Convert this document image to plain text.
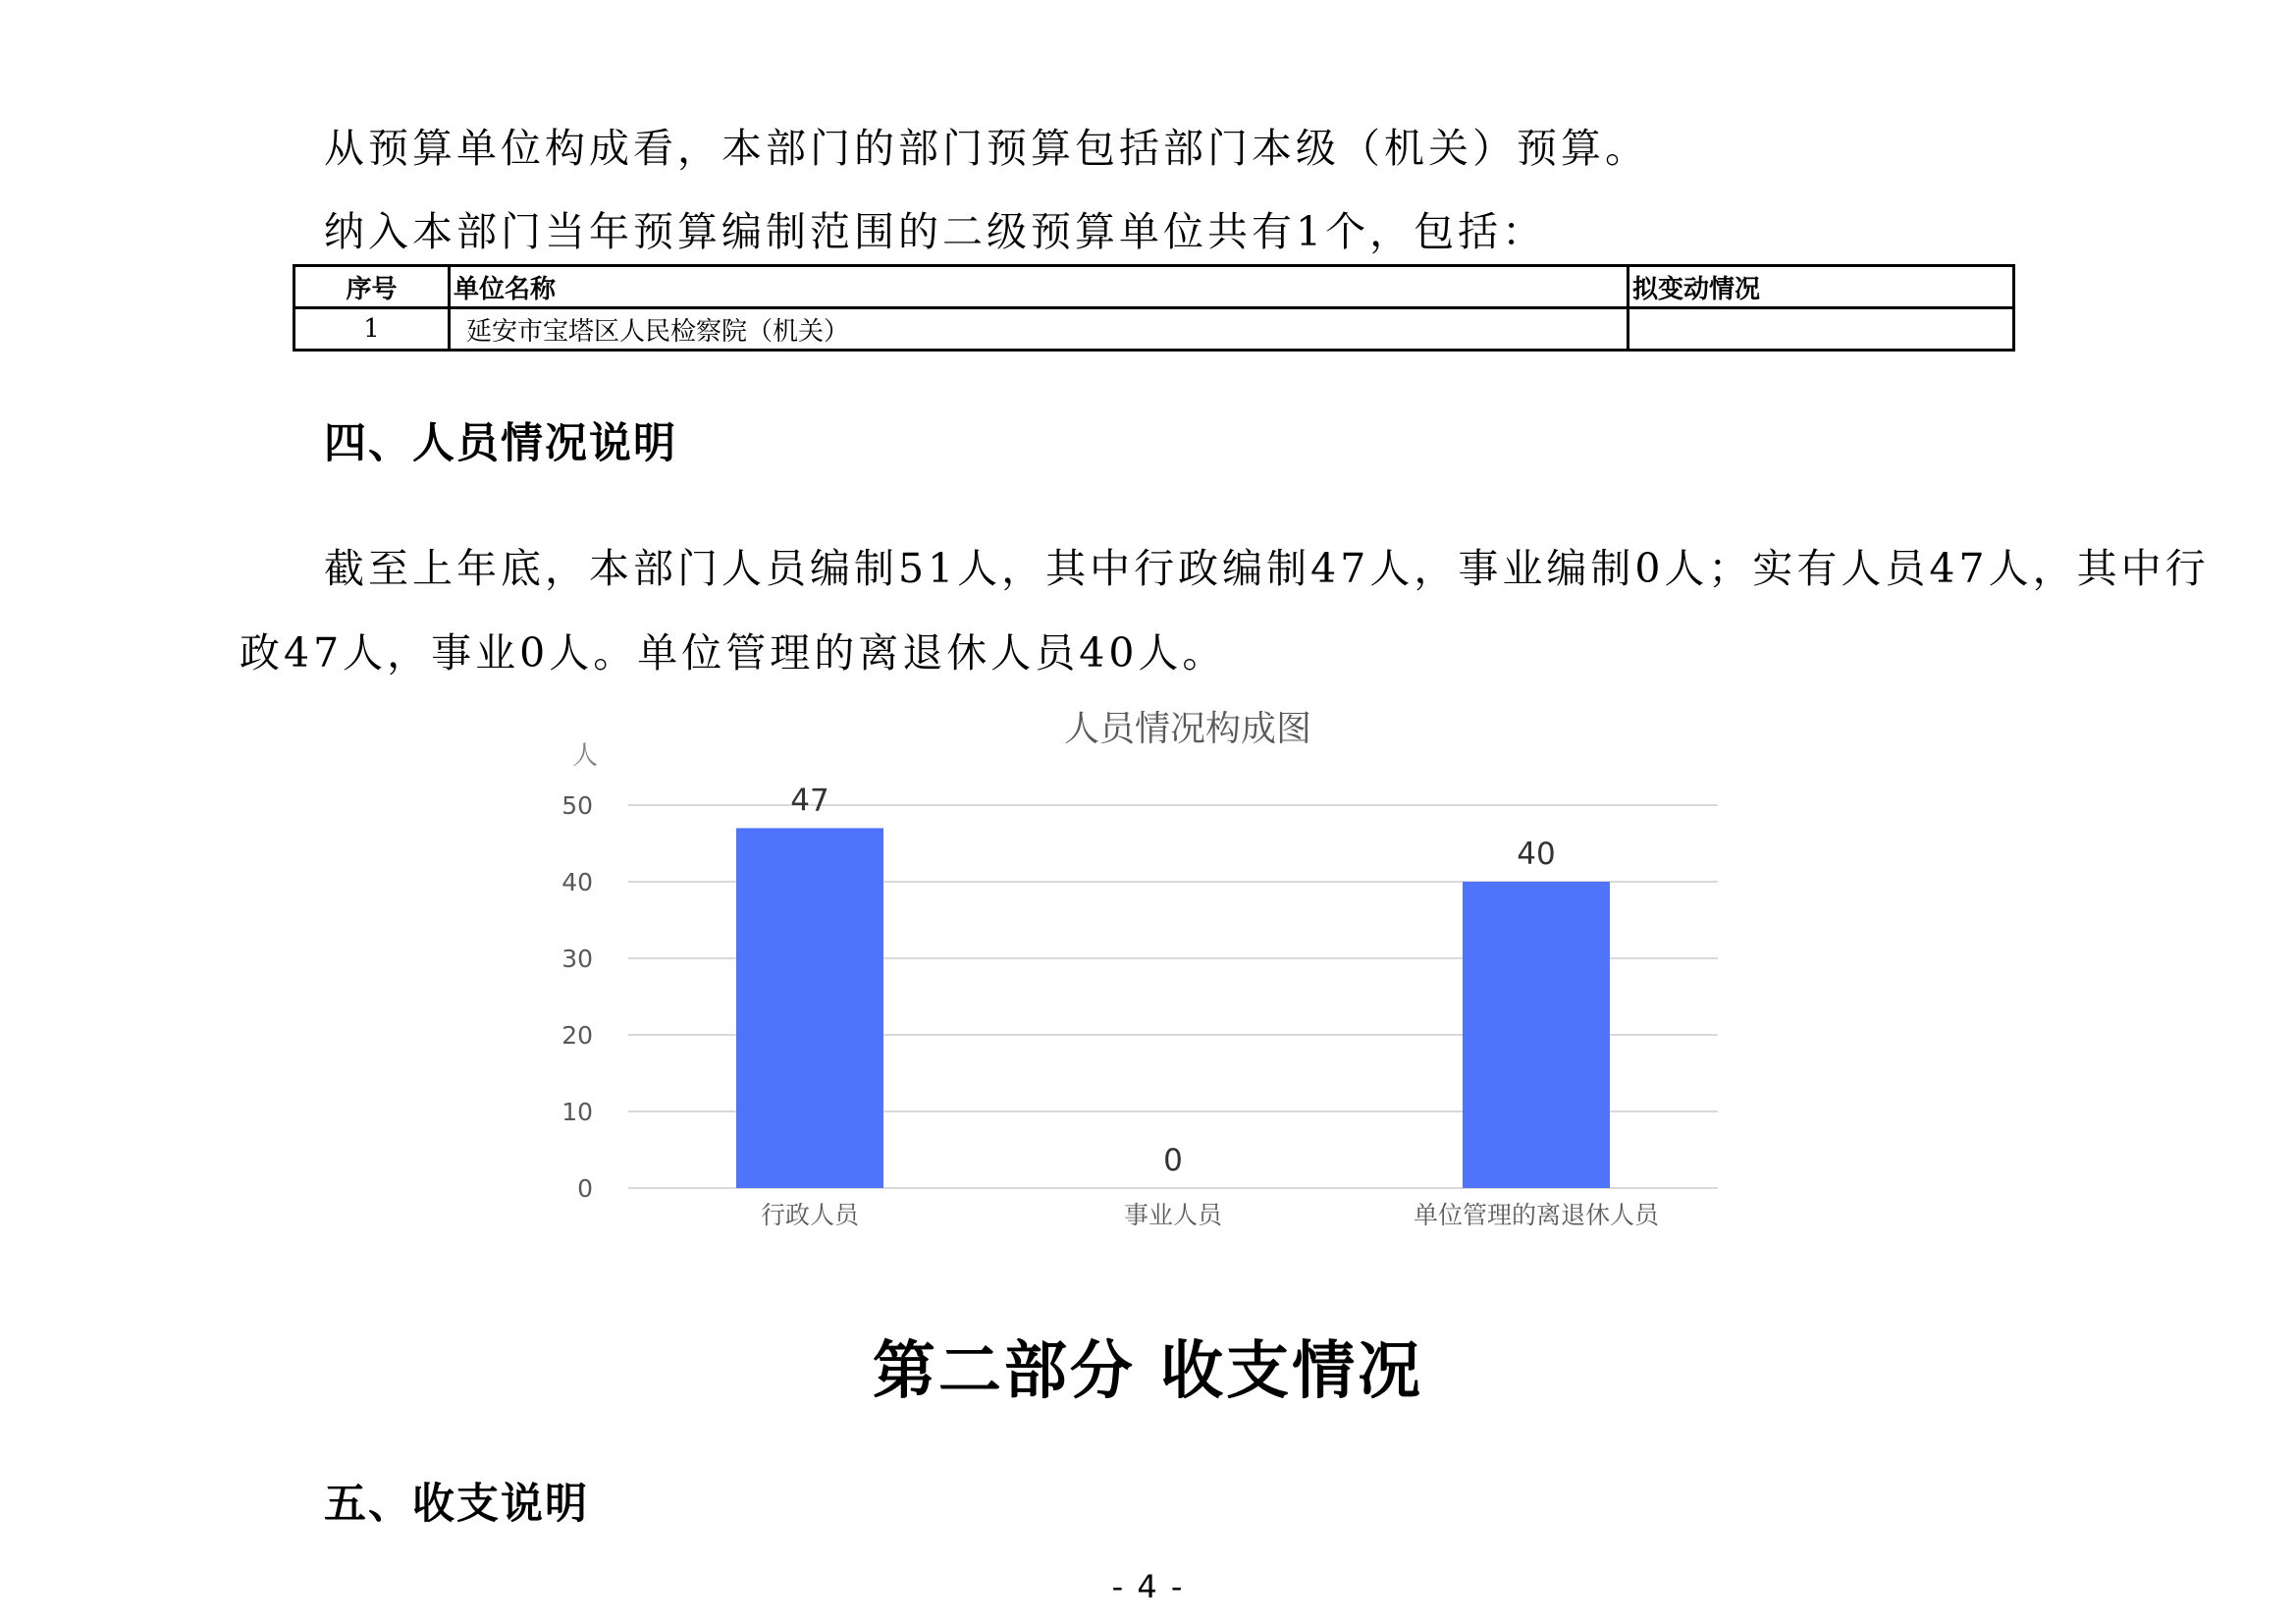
从预算单位构成看，本部门的部门预算包括部门本级（机关）预算。
纳入本部门当年预算编制范围的二级预算单位共有1个，包括：
序号	单位名称	拟变动情况
1	延安市宝塔区人民检察院（机关）	
四、人员情况说明
截至上年底，本部门人员编制51人，其中行政编制47人，事业编制0人；实有人员47人，其中行
政47人，事业0人。单位管理的离退休人员40人。
人员情况构成图
人
0
10
20
30
40
50	47
行政人员
0
事业人员
40
单位管理的离退休人员
第二部分 收支情况
五、收支说明
- 4 -
